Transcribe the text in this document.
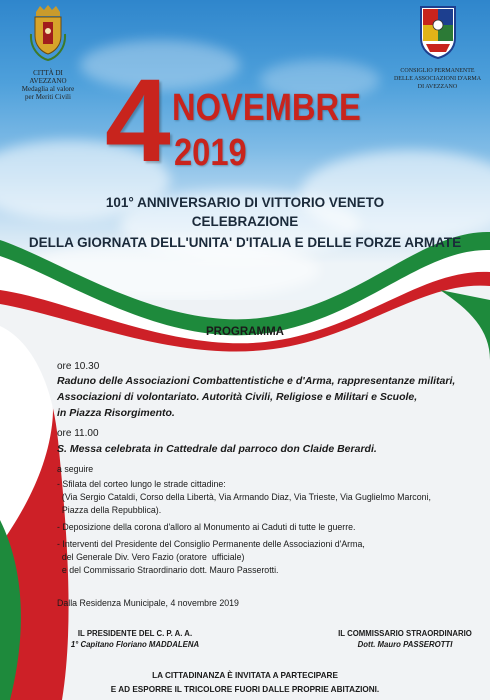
CITTÀ DI AVEZZANO
Medaglia al valore
per Meriti Civili
CONSIGLIO PERMANENTE
DELLE ASSOCIAZIONI D'ARMA
DI AVEZZANO
4 NOVEMBRE
2019
101° ANNIVERSARIO DI VITTORIO VENETO
CELEBRAZIONE
DELLA GIORNATA DELL'UNITA' D'ITALIA E DELLE FORZE ARMATE
PROGRAMMA
ore 10.30
Raduno delle Associazioni Combattentistiche e d'Arma, rappresentanze militari,
Associazioni di volontariato. Autorità Civili, Religiose e Militari e Scuole,
in Piazza Risorgimento.
ore 11.00
S. Messa celebrata in Cattedrale dal parroco don Claide Berardi.
a seguire
- Sfilata del corteo lungo le strade cittadine:
(Via Sergio Cataldi, Corso della Libertà, Via Armando Diaz, Via Trieste, Via Guglielmo Marconi,
Piazza della Repubblica).
- Deposizione della corona d'alloro al Monumento ai Caduti di tutte le guerre.
- Interventi del Presidente del Consiglio Permanente delle Associazioni d'Arma,
del Generale Div. Vero Fazio (oratore  ufficiale)
e del Commissario Straordinario dott. Mauro Passerotti.
Dalla Residenza Municipale, 4 novembre 2019
IL PRESIDENTE DEL C. P. A. A.
1° Capitano Floriano MADDALENA
IL COMMISSARIO STRAORDINARIO
Dott. Mauro PASSEROTTI
LA CITTADINANZA È INVITATA A PARTECIPARE
E AD ESPORRE IL TRICOLORE FUORI DALLE PROPRIE ABITAZIONI.
